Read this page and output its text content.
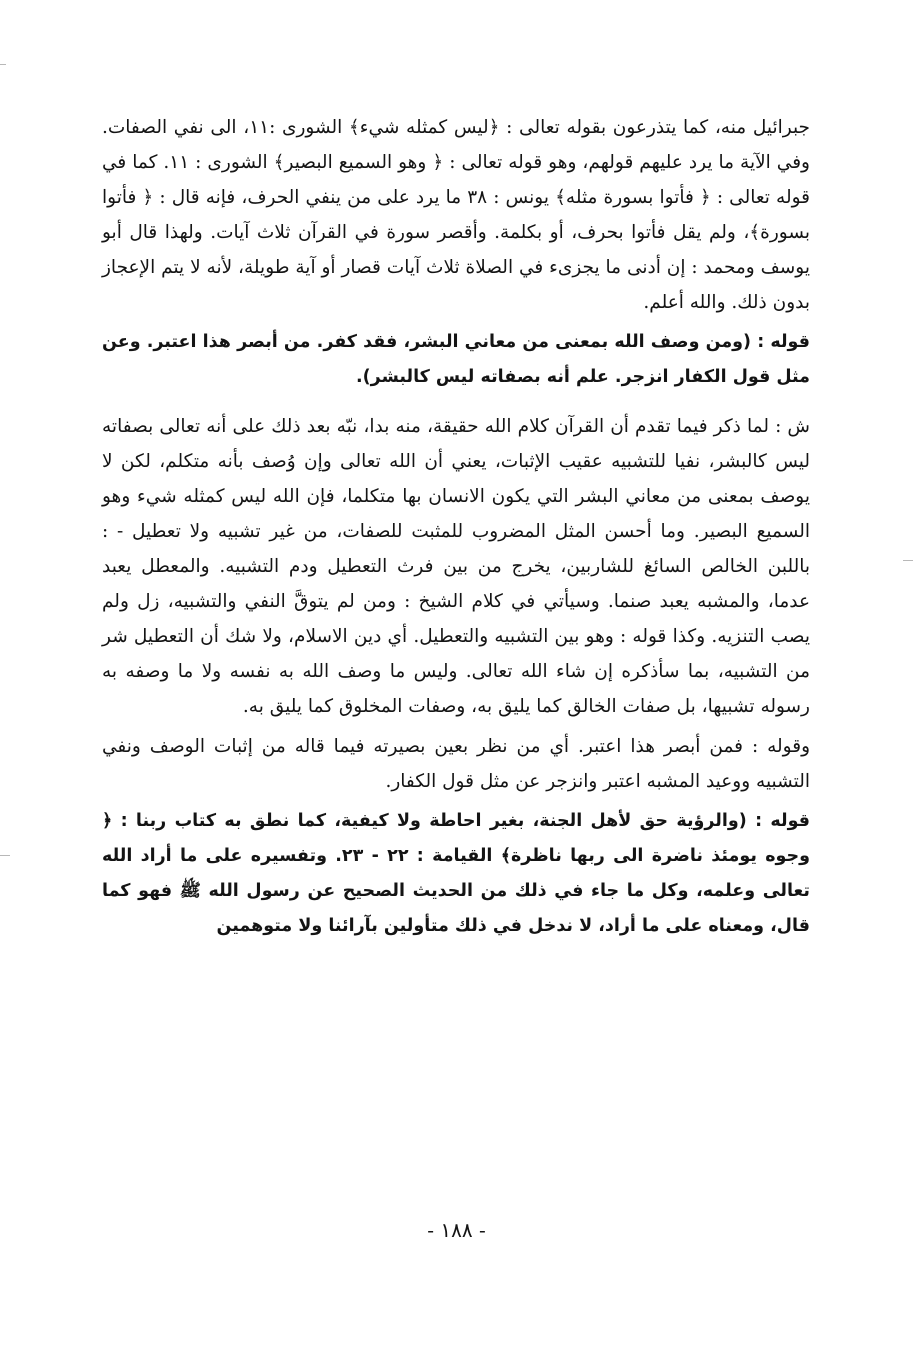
جبرائيل منه، كما يتذرعون بقوله تعالى : ﴿ليس كمثله شيء﴾ الشورى :١١، الى نفي الصفات. وفي الآية ما يرد عليهم قولهم، وهو قوله تعالى : ﴿ وهو السميع البصير﴾ الشورى : ١١. كما في قوله تعالى : ﴿ فأتوا بسورة مثله﴾ يونس : ٣٨ ما يرد على من ينفي الحرف، فإنه قال : ﴿ فأتوا بسورة﴾، ولم يقل فأتوا بحرف، أو بكلمة. وأقصر سورة في القرآن ثلاث آيات. ولهذا قال أبو يوسف ومحمد : إن أدنى ما يجزىء في الصلاة ثلاث آيات قصار أو آية طويلة، لأنه لا يتم الإعجاز بدون ذلك. والله أعلم.

قوله : (ومن وصف الله بمعنى من معاني البشر، فقد كفر. من أبصر هذا اعتبر. وعن مثل قول الكفار انزجر. علم أنه بصفاته ليس كالبشر).

ش : لما ذكر فيما تقدم أن القرآن كلام الله حقيقة، منه بدا، نبّه بعد ذلك على أنه تعالى بصفاته ليس كالبشر، نفيا للتشبيه عقيب الإثبات، يعني أن الله تعالى وإن وُصف بأنه متكلم، لكن لا يوصف بمعنى من معاني البشر التي يكون الانسان بها متكلما، فإن الله ليس كمثله شيء وهو السميع البصير. وما أحسن المثل المضروب للمثبت للصفات، من غير تشبيه ولا تعطيل - : باللبن الخالص السائغ للشاربين، يخرج من بين فرث التعطيل ودم التشبيه. والمعطل يعبد عدما، والمشبه يعبد صنما. وسيأتي في كلام الشيخ : ومن لم يتوقَّ النفي والتشبيه، زل ولم يصب التنزيه. وكذا قوله : وهو بين التشبيه والتعطيل. أي دين الاسلام، ولا شك أن التعطيل شر من التشبيه، بما سأذكره إن شاء الله تعالى. وليس ما وصف الله به نفسه ولا ما وصفه به رسوله تشبيها، بل صفات الخالق كما يليق به، وصفات المخلوق كما يليق به.

وقوله : فمن أبصر هذا اعتبر. أي من نظر بعين بصيرته فيما قاله من إثبات الوصف ونفي التشبيه ووعيد المشبه اعتبر وانزجر عن مثل قول الكفار.

قوله : (والرؤية حق لأهل الجنة، بغير احاطة ولا كيفية، كما نطق به كتاب ربنا : ﴿ وجوه يومئذ ناضرة الى ربها ناظرة﴾ القيامة : ٢٢ - ٢٣. وتفسيره على ما أراد الله تعالى وعلمه، وكل ما جاء في ذلك من الحديث الصحيح عن رسول الله ﷺ فهو كما قال، ومعناه على ما أراد، لا ندخل في ذلك متأولين بآرائنا ولا متوهمين

- ١٨٨ -
